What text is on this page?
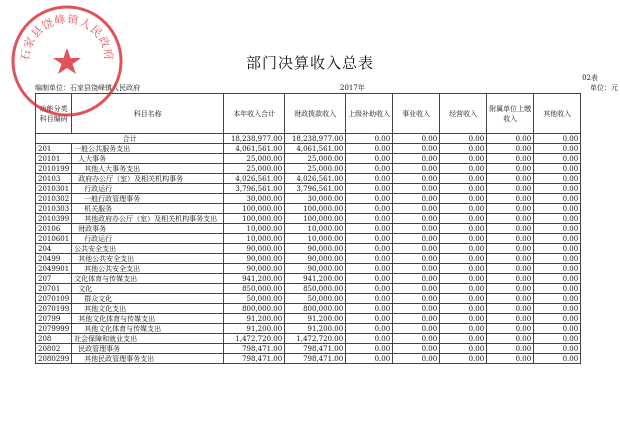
部门决算收入总表
02表
编制单位：石家县饶峰镇人民政府	2017年	单位：元
功能分类科目编码	科目名称	本年收入合计	财政拨款收入	上级补助收入	事业收入	经营收入	附属单位上缴收入	其他收入
合计		18,238,977.00	18,238,977.00	0.00	0.00	0.00	0.00	0.00
201	一般公共服务支出	4,061,561.00	4,061,561.00	0.00	0.00	0.00	0.00	0.00
20101	人大事务	25,000.00	25,000.00	0.00	0.00	0.00	0.00	0.00
2010199	其他人大事务支出	25,000.00	25,000.00	0.00	0.00	0.00	0.00	0.00
20103	政府办公厅（室）及相关机构事务	4,026,561.00	4,026,561.00	0.00	0.00	0.00	0.00	0.00
2010301	行政运行	3,796,561.00	3,796,561.00	0.00	0.00	0.00	0.00	0.00
2010302	一般行政管理事务	30,000.00	30,000.00	0.00	0.00	0.00	0.00	0.00
2010303	机关服务	100,000.00	100,000.00	0.00	0.00	0.00	0.00	0.00
2010399	其他政府办公厅（室）及相关机构事务支出	100,000.00	100,000.00	0.00	0.00	0.00	0.00	0.00
20106	财政事务	10,000.00	10,000.00	0.00	0.00	0.00	0.00	0.00
2010601	行政运行	10,000.00	10,000.00	0.00	0.00	0.00	0.00	0.00
204	公共安全支出	90,000.00	90,000.00	0.00	0.00	0.00	0.00	0.00
20499	其他公共安全支出	90,000.00	90,000.00	0.00	0.00	0.00	0.00	0.00
2049901	其他公共安全支出	90,000.00	90,000.00	0.00	0.00	0.00	0.00	0.00
207	文化体育与传媒支出	941,200.00	941,200.00	0.00	0.00	0.00	0.00	0.00
20701	文化	850,000.00	850,000.00	0.00	0.00	0.00	0.00	0.00
2070109	群众文化	50,000.00	50,000.00	0.00	0.00	0.00	0.00	0.00
2070199	其他文化支出	800,000.00	800,000.00	0.00	0.00	0.00	0.00	0.00
20799	其他文化体育与传媒支出	91,200.00	91,200.00	0.00	0.00	0.00	0.00	0.00
2079999	其他文化体育与传媒支出	91,200.00	91,200.00	0.00	0.00	0.00	0.00	0.00
208	社会保障和就业支出	1,472,720.00	1,472,720.00	0.00	0.00	0.00	0.00	0.00
20802	民政管理事务	798,471.00	798,471.00	0.00	0.00	0.00	0.00	0.00
2080299	其他民政管理事务支出	798,471.00	798,471.00	0.00	0.00	0.00	0.00	0.00
石家县饶峰镇人民政府
